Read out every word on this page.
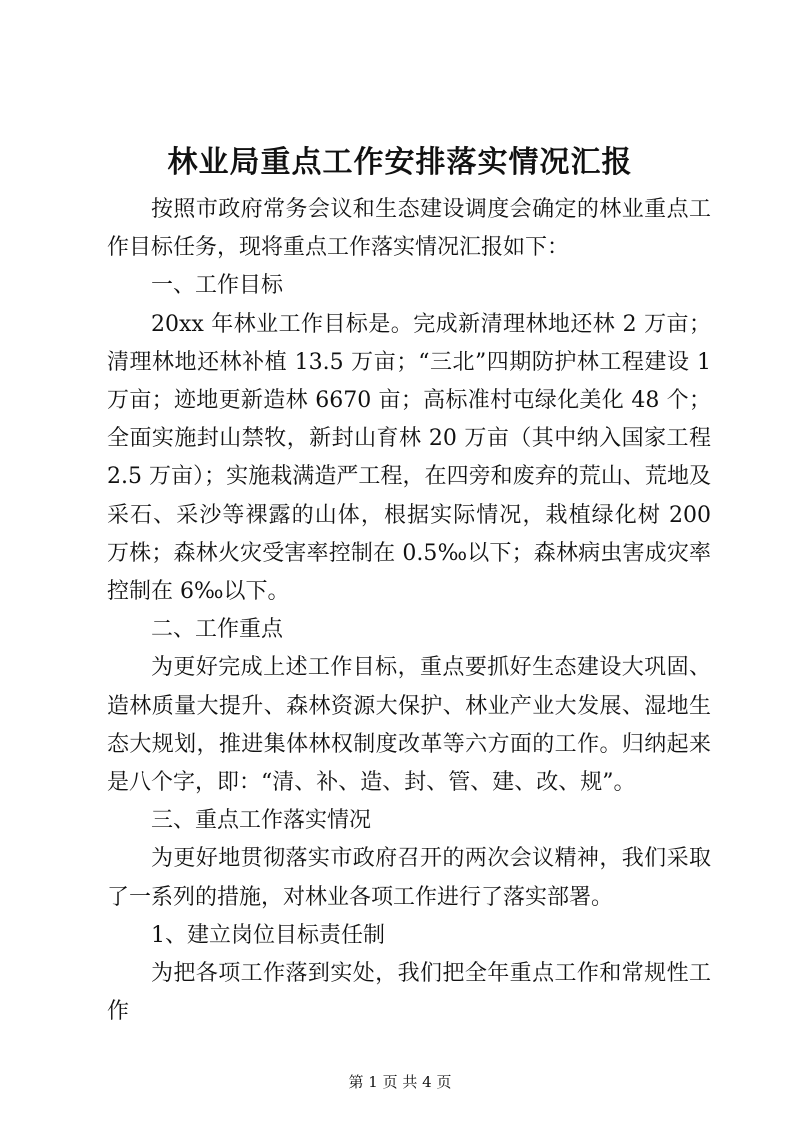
林业局重点工作安排落实情况汇报

按照市政府常务会议和生态建设调度会确定的林业重点工作目标任务，现将重点工作落实情况汇报如下：

一、工作目标

20xx 年林业工作目标是。完成新清理林地还林 2 万亩；清理林地还林补植 13.5 万亩；“三北”四期防护林工程建设 1 万亩；迹地更新造林 6670 亩；高标准村屯绿化美化 48 个；全面实施封山禁牧，新封山育林 20 万亩（其中纳入国家工程 2.5 万亩）；实施栽满造严工程，在四旁和废弃的荒山、荒地及采石、采沙等裸露的山体，根据实际情况，栽植绿化树 200 万株；森林火灾受害率控制在 0.5‰以下；森林病虫害成灾率控制在 6‰以下。

二、工作重点

为更好完成上述工作目标，重点要抓好生态建设大巩固、造林质量大提升、森林资源大保护、林业产业大发展、湿地生态大规划，推进集体林权制度改革等六方面的工作。归纳起来是八个字，即：“清、补、造、封、管、建、改、规”。

三、重点工作落实情况

为更好地贯彻落实市政府召开的两次会议精神，我们采取了一系列的措施，对林业各项工作进行了落实部署。

1、建立岗位目标责任制

为把各项工作落到实处，我们把全年重点工作和常规性工作

第 1 页 共 4 页
